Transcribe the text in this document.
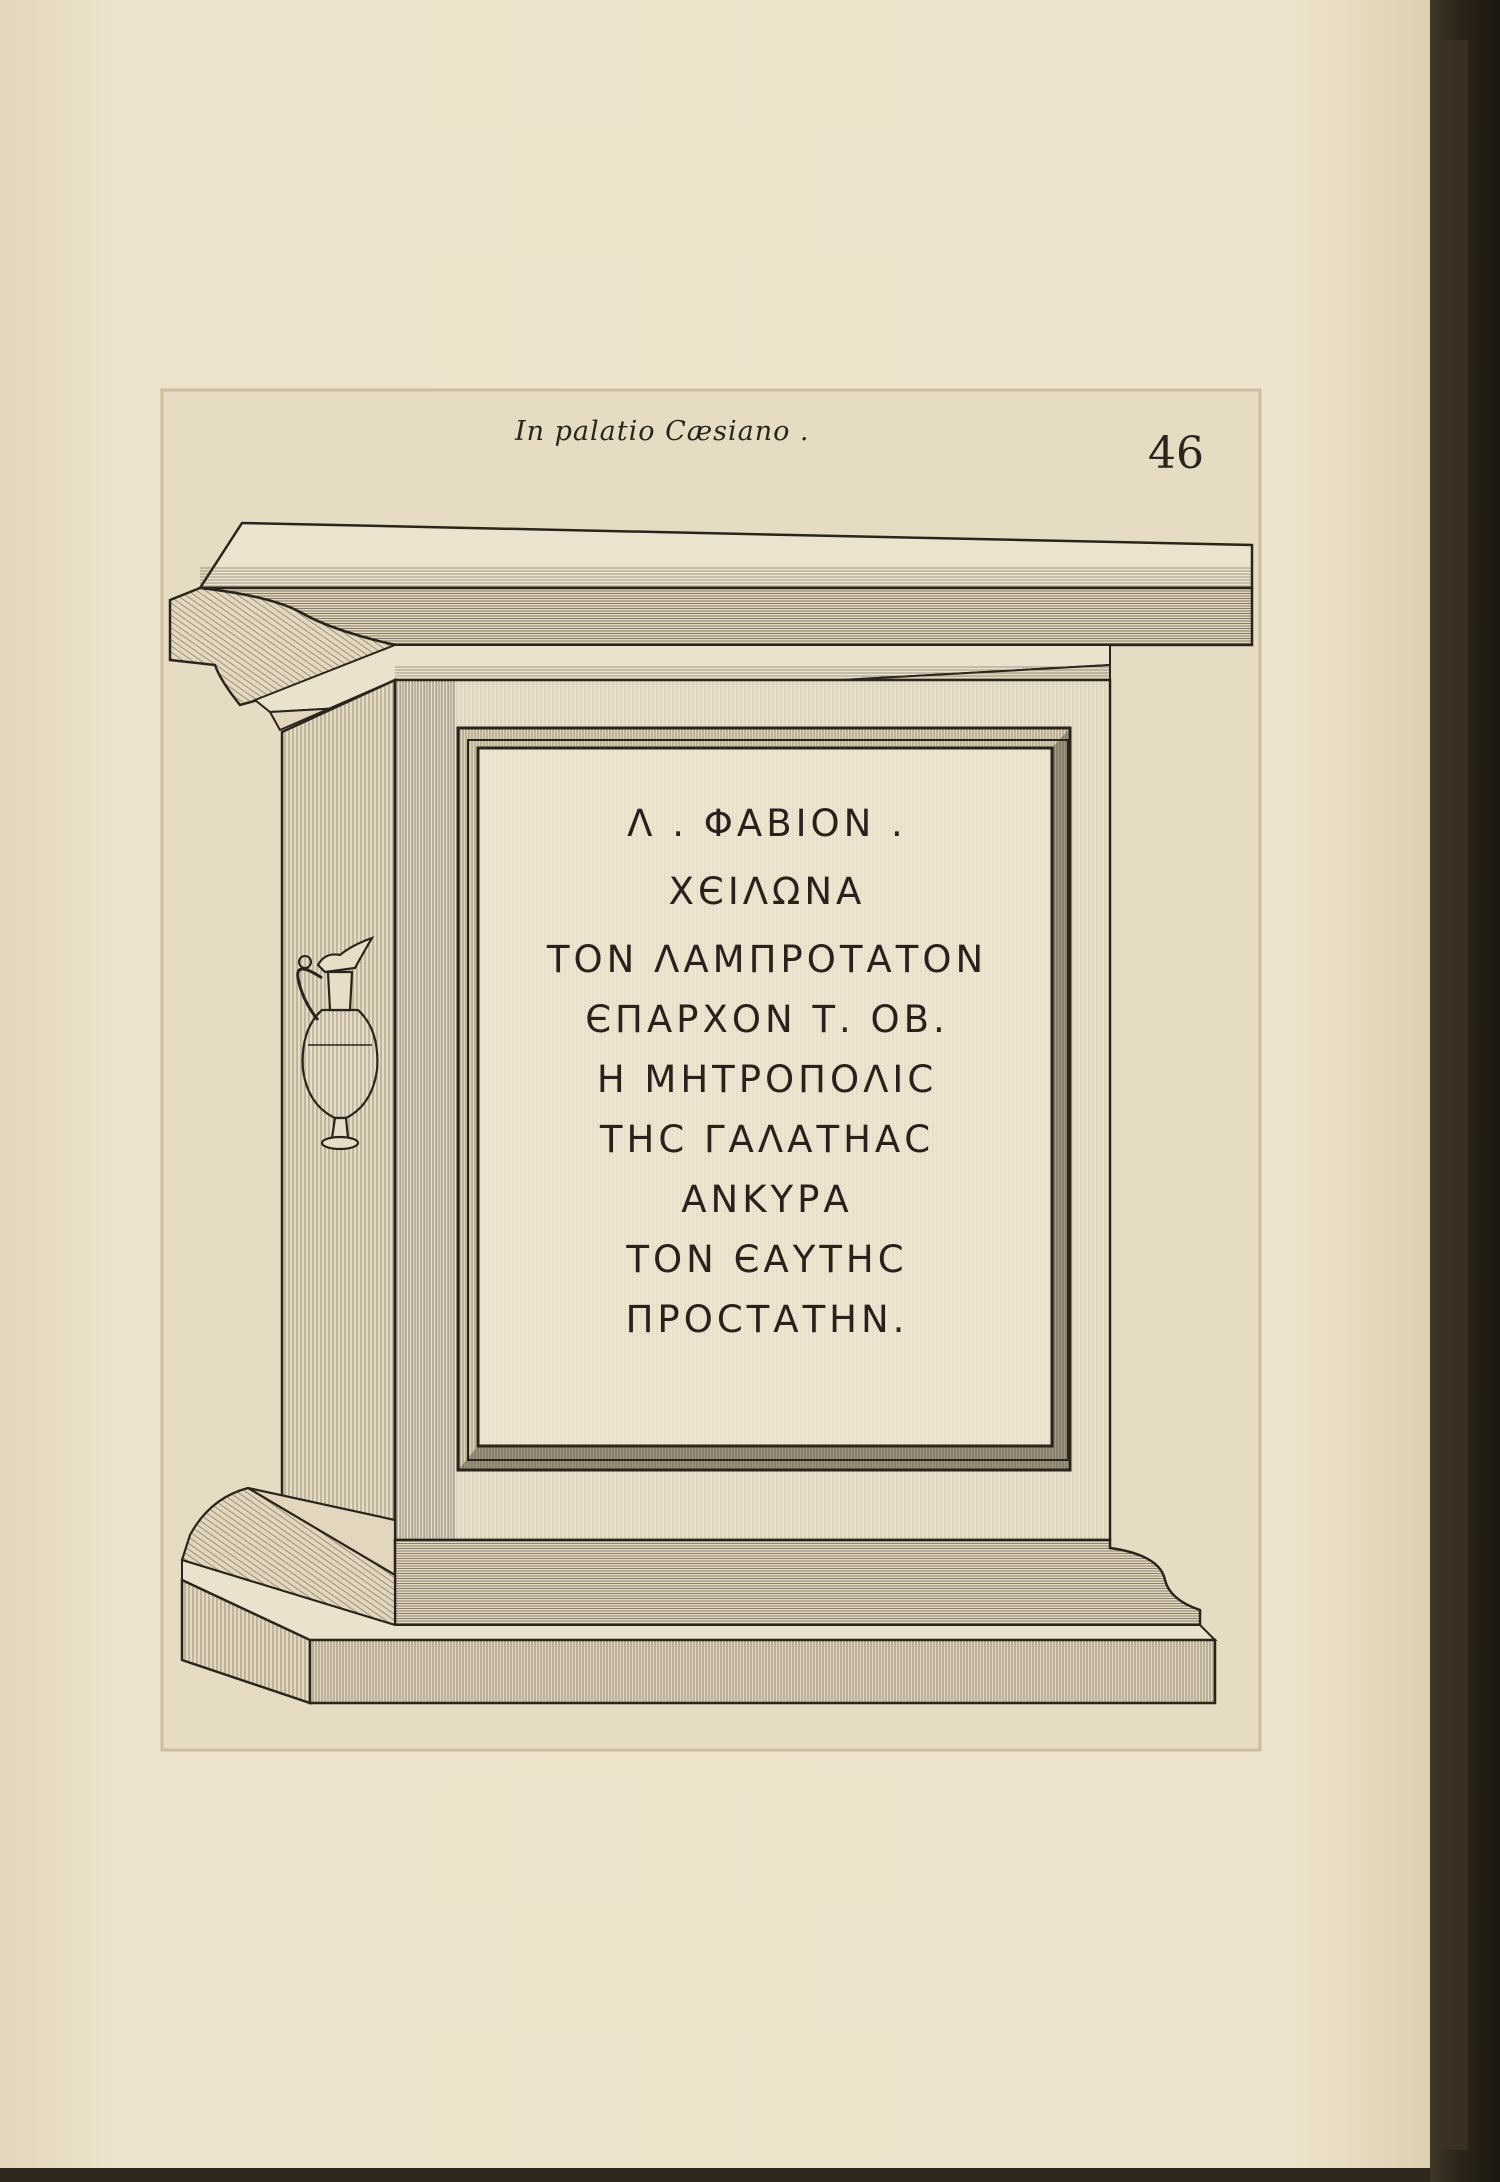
In palatio Cæsiano .	46

Λ . ΦΑΒΙΟΝ .

ΧЄΙΛΩΝΑ

ΤΟΝ ΛΑΜΠΡΟΤΑΤΟΝ

ЄΠΑΡΧΟΝ Τ. ΟΒ.

Η ΜΗΤΡΟΠΟΛΙC

ΤΗC ΓΑΛΑΤΗΑC

ΑΝΚΥΡΑ

ΤΟΝ ЄΑΥΤΗC

ΠΡΟCΤΑΤΗΝ.
